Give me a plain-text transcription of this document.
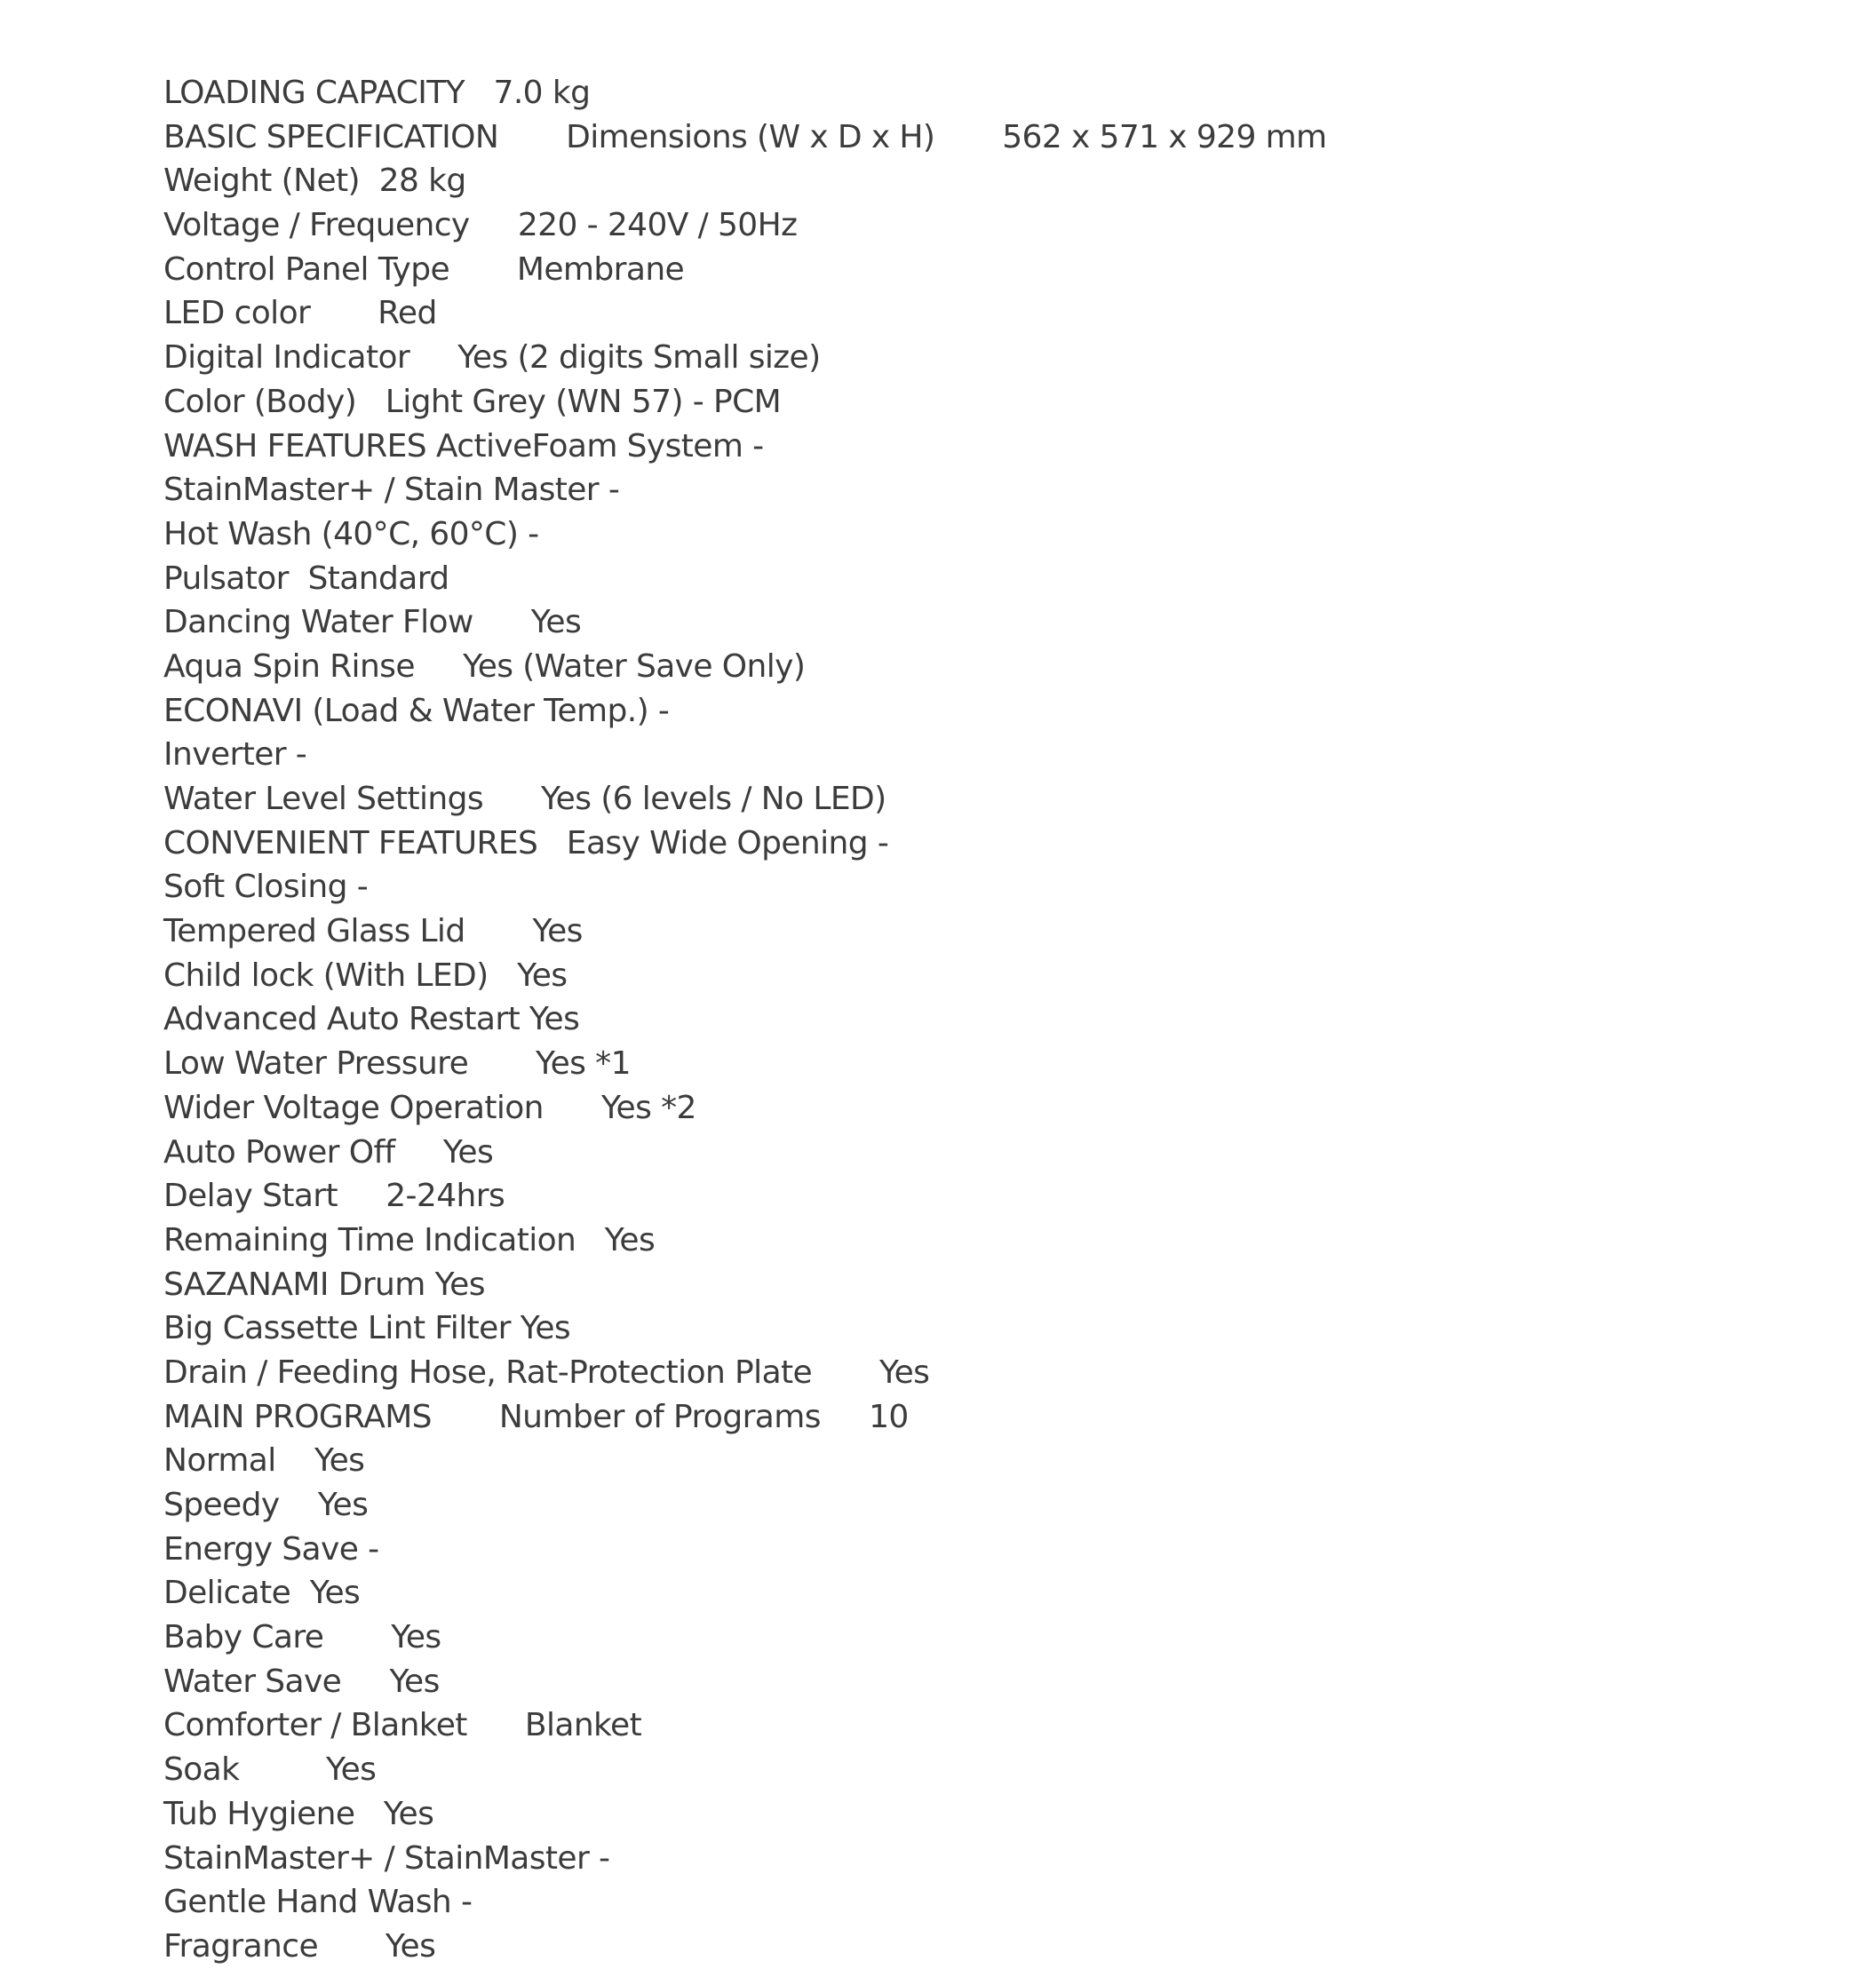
LOADING CAPACITY   7.0 kg
BASIC SPECIFICATION       Dimensions (W x D x H)       562 x 571 x 929 mm
Weight (Net)  28 kg
Voltage / Frequency     220 - 240V / 50Hz
Control Panel Type       Membrane
LED color       Red
Digital Indicator     Yes (2 digits Small size)
Color (Body)   Light Grey (WN 57) - PCM
WASH FEATURES ActiveFoam System -
StainMaster+ / Stain Master -
Hot Wash (40°C, 60°C) -
Pulsator  Standard
Dancing Water Flow      Yes
Aqua Spin Rinse     Yes (Water Save Only)
ECONAVI (Load & Water Temp.) -
Inverter -
Water Level Settings      Yes (6 levels / No LED)
CONVENIENT FEATURES   Easy Wide Opening -
Soft Closing -
Tempered Glass Lid       Yes
Child lock (With LED)   Yes
Advanced Auto Restart Yes
Low Water Pressure       Yes *1
Wider Voltage Operation      Yes *2
Auto Power Off     Yes
Delay Start     2-24hrs
Remaining Time Indication   Yes
SAZANAMI Drum Yes
Big Cassette Lint Filter Yes
Drain / Feeding Hose, Rat-Protection Plate       Yes
MAIN PROGRAMS       Number of Programs     10
Normal    Yes
Speedy    Yes
Energy Save -
Delicate  Yes
Baby Care       Yes
Water Save     Yes
Comforter / Blanket      Blanket
Soak         Yes
Tub Hygiene   Yes
StainMaster+ / StainMaster -
Gentle Hand Wash -
Fragrance       Yes
